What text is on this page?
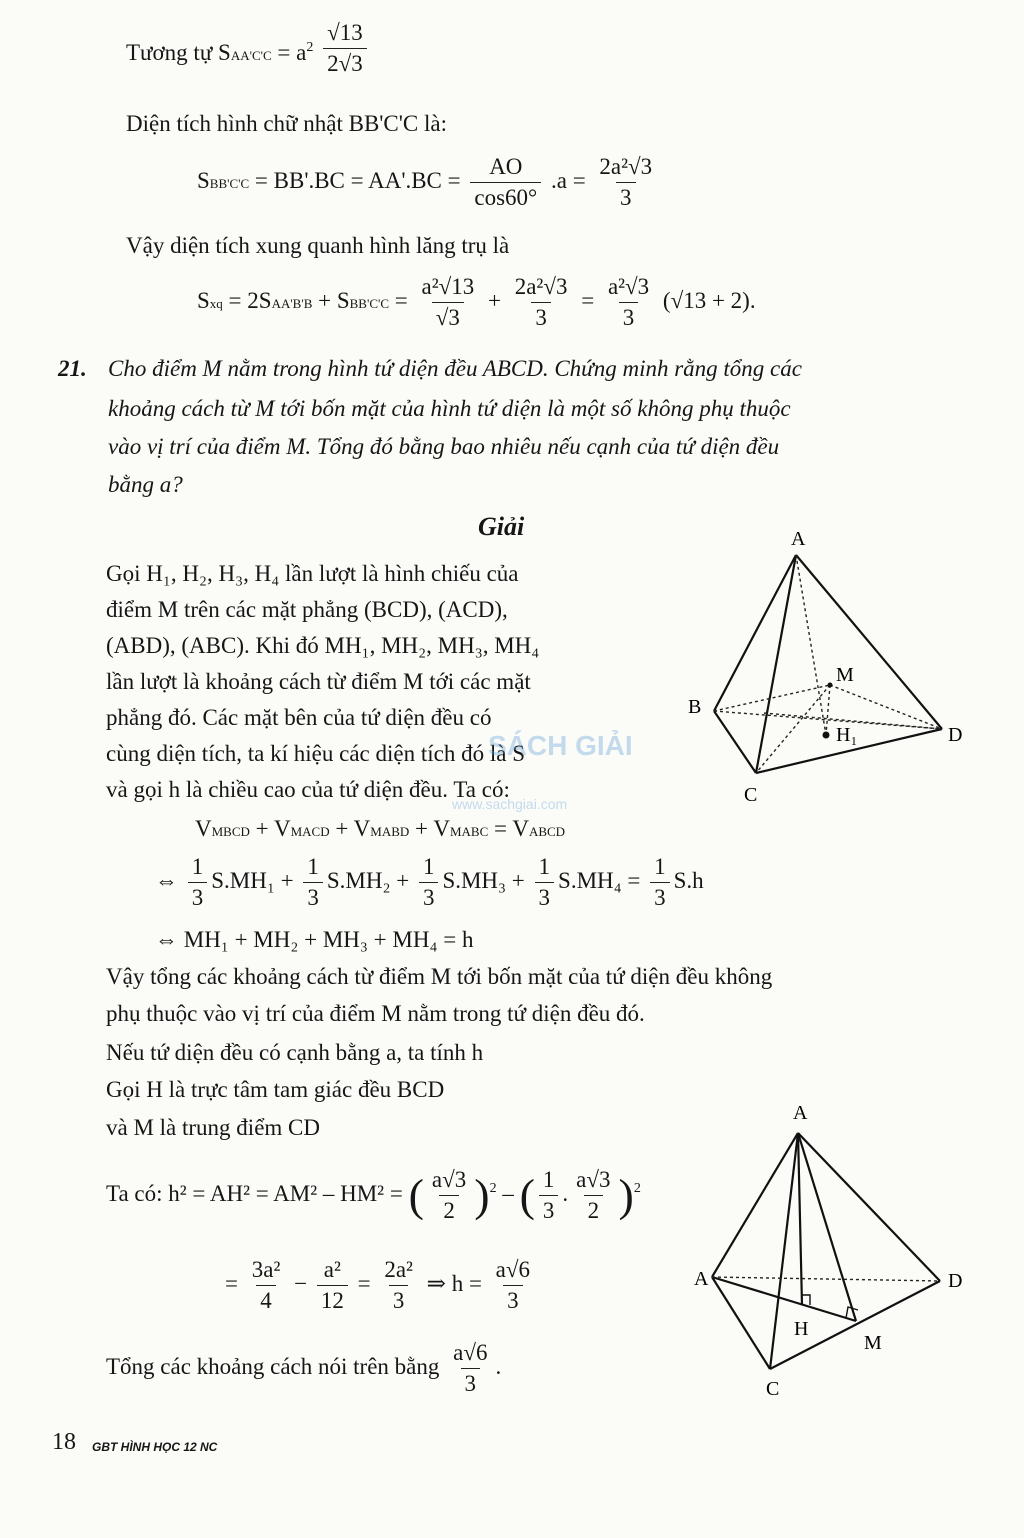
Tương tự $SAA'C'C = a^2 \frac{√13}{2√3}$
Diện tích hình chữ nhật BB'C'C là:
$SBB'C'C = BB'.BC = AA'.BC = \frac{AO}{\cos 60^\circ} .a = \frac{\text{2a²√3}}{3}$
Vậy diện tích xung quanh hình lăng trụ là
Sxq = $2SAA'B'B + SBB'C'C = \frac{\text{a²√13}}{√3} + \frac{\text{2a²√3}}{3} = \frac{\text{a²√3}}{3} (√13 + 2)$.
21. Cho điểm M nằm trong hình tứ diện đều ABCD. Chứng minh rằng tổng các
khoảng cách từ M tới bốn mặt của hình tứ diện là một số không phụ thuộc
vào vị trí của điểm M. Tổng đó bằng bao nhiêu nếu cạnh của tứ diện đều
bằng a?
Giải
Gọi H₁, H₂, H₃, H₄ lần lượt là hình chiếu của
điểm M trên các mặt phẳng (BCD), (ACD),
(ABD), (ABC). Khi đó MH₁, MH₂, MH₃, MH₄
lần lượt là khoảng cách từ điểm M tới các mặt
phẳng đó. Các mặt bên của tứ diện đều có
cùng diện tích, ta kí hiệu các diện tích đó là S
và gọi h là chiều cao của tứ diện đều. Ta có:
SÁCH GIẢI
www.sachgiai.com
A
B
C
D
M
H₁
VMBCD + VMACD + VMABD + VMABC = VABCD
⇔ $\frac{1}{3} S.MH_1 + \frac{1}{3} S.MH_2 + \frac{1}{3} S.MH_3 + \frac{1}{3} S.MH_4 = \frac{1}{3} S.h$
⇔ MH₁ + MH₂ + MH₃ + MH₄ = h
Vậy tổng các khoảng cách từ điểm M tới bốn mặt của tứ diện đều không
phụ thuộc vào vị trí của điểm M nằm trong tứ diện đều đó.
Nếu tứ diện đều có cạnh bằng a, ta tính h
Gọi H là trực tâm tam giác đều BCD
và M là trung điểm CD
Ta có: h² = AH² = AM² – HM² = ( $\frac{a√3}{2} )^2$ – ( $\frac{1}{3}$ . $\frac{a√3}{2} )^2$
= $\frac{\text{3a²}}{4} - \frac{\text{a²}}{12} = \frac{\text{2a²}}{3}$ ⇒ $h = \frac{a√6}{3}$
Tổng các khoảng cách nói trên bằng $\frac{a√6}{3}$ .
A
A
C
D
H
M
18 GBT HÌNH HỌC 12 NC
